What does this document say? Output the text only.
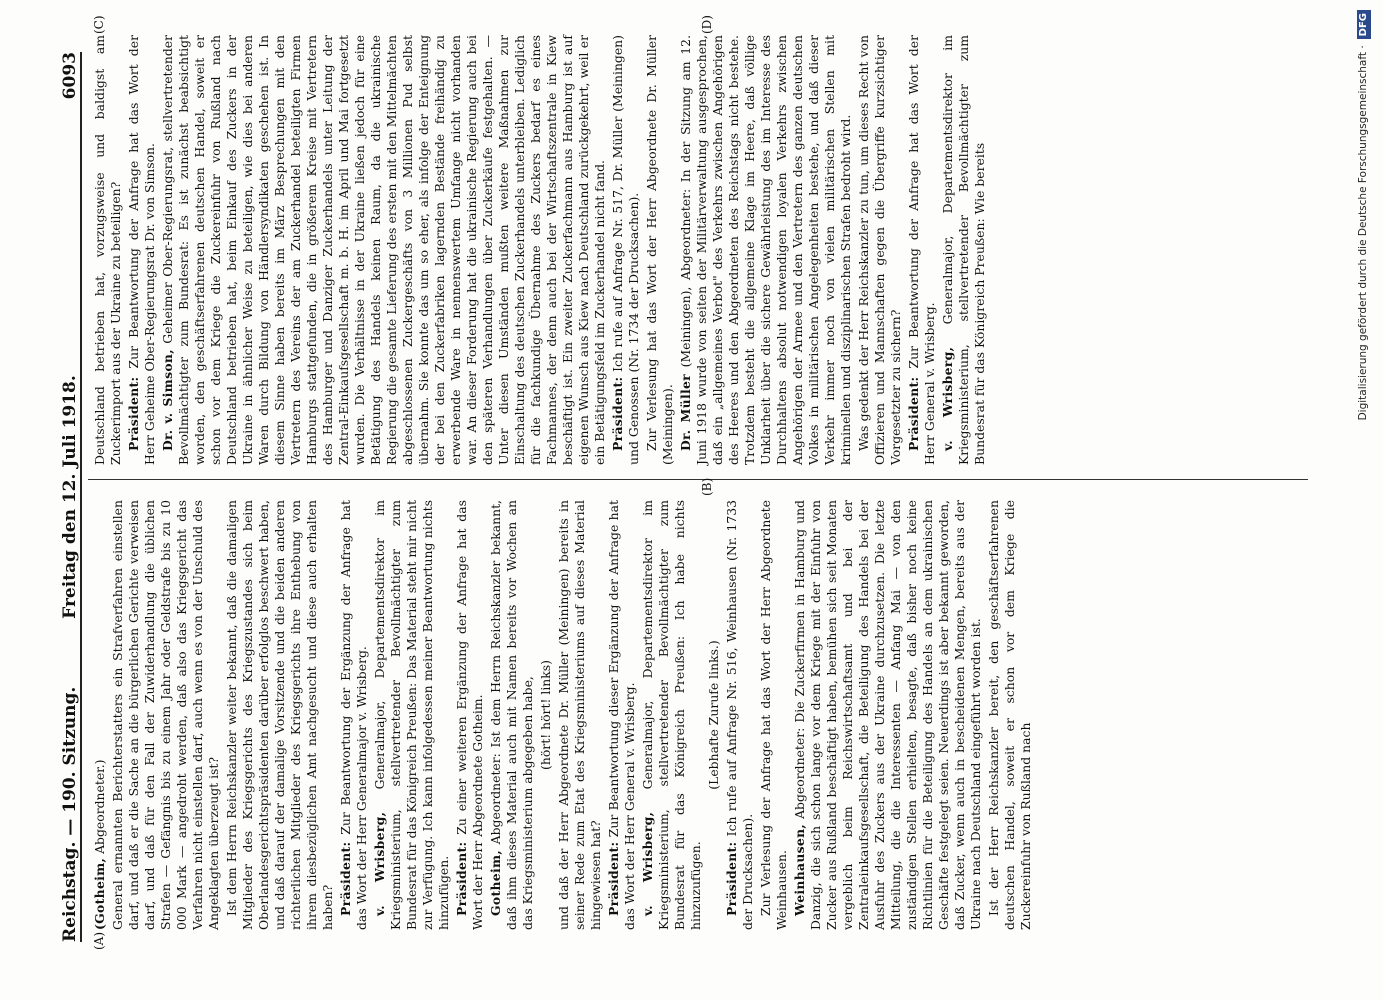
Reichstag. — 190. Sitzung.
Freitag den 12. Juli 1918.
6093
(A)
(B)
(C)	(D)

(Gotheim, Abgeordneter.) General ernannten Berichterstatters ein Strafverfahren einstellen darf, und daß er die Sache an die bürgerlichen Gerichte verweisen darf, und daß für den Fall der Zuwiderhandlung die üblichen Strafen — Gefängnis bis zu einem Jahr oder Geldstrafe bis zu 10 000 Mark — angedroht werden, daß also das Kriegsgericht das Verfahren nicht einstellen darf, auch wenn es von der Unschuld des Angeklagten überzeugt ist? Ist dem Herrn Reichskanzler weiter bekannt, daß die damaligen Mitglieder des Kriegsgerichts des Kriegszustandes sich beim Oberlandesgerichtspräsidenten darüber erfolglos beschwert haben, und daß darauf der damalige Vorsitzende und die beiden anderen richterlichen Mitglieder des Kriegsgerichts ihre Enthebung von ihrem diesbezüglichen Amt nachgesucht und diese auch erhalten haben? Präsident: Zur Beantwortung der Ergänzung der Anfrage hat das Wort der Herr Generalmajor v. Wrisberg. v. Wrisberg, Generalmajor, Departementsdirektor im Kriegsministerium, stellvertretender Bevollmächtigter zum Bundesrat für das Königreich Preußen: Das Material steht mir nicht zur Verfügung. Ich kann infolgedessen meiner Beantwortung nichts hinzufügen. Präsident: Zu einer weiteren Ergänzung der Anfrage hat das Wort der Herr Abgeordnete Gotheim. Gotheim, Abgeordneter: Ist dem Herrn Reichskanzler bekannt, daß ihm dieses Material auch mit Namen bereits vor Wochen an das Kriegsministerium abgegeben habe, (hört! hört! links) und daß der Herr Abgeordnete Dr. Müller (Meiningen) bereits in seiner Rede zum Etat des Kriegsministeriums auf dieses Material hingewiesen hat? Präsident: Zur Beantwortung dieser Ergänzung der Anfrage hat das Wort der Herr General v. Wrisberg. v. Wrisberg, Generalmajor, Departementsdirektor im Kriegsministerium, stellvertretender Bevollmächtigter zum Bundesrat für das Königreich Preußen: Ich habe nichts hinzuzufügen.

(Lebhafte Zurufe links.)

Präsident: Ich rufe auf Anfrage Nr. 516, Weinhausen (Nr. 1733 der Drucksachen). Zur Verlesung der Anfrage hat das Wort der Herr Abgeordnete Weinhausen. Weinhausen, Abgeordneter: Die Zuckerfirmen in Hamburg und Danzig, die sich schon lange vor dem Kriege mit der Einfuhr von Zucker aus Rußland beschäftigt haben, bemühen sich seit Monaten vergeblich beim Reichswirtschaftsamt und bei der Zentraleinkaufsgesellschaft, die Beteiligung des Handels bei der Ausfuhr des Zuckers aus der Ukraine durchzusetzen. Die letzte Mitteilung, die die Interessenten — Anfang Mai — von den zuständigen Stellen erhielten, besagte, daß bisher noch keine Richtlinien für die Beteiligung des Handels an dem ukrainischen Geschäfte festgelegt seien. Neuerdings ist aber bekannt geworden, daß Zucker, wenn auch in bescheidenen Mengen, bereits aus der Ukraine nach Deutschland eingeführt worden ist. Ist der Herr Reichskanzler bereit, den geschäftserfahrenen deutschen Handel, soweit er schon vor dem Kriege die Zuckereinfuhr von Rußland nach

Deutschland betrieben hat, vorzugsweise und baldigst am Zuckerimport aus der Ukraine zu beteiligen? Präsident: Zur Beantwortung der Anfrage hat das Wort der Herr Geheime Ober-Regierungsrat Dr. von Simson. Dr. v. Simson, Geheimer Ober-Regierungsrat, stellvertretender Bevollmächtigter zum Bundesrat: Es ist zunächst beabsichtigt worden, den geschäftserfahrenen deutschen Handel, soweit er schon vor dem Kriege die Zuckereinfuhr von Rußland nach Deutschland betrieben hat, beim Einkauf des Zuckers in der Ukraine in ähnlicher Weise zu beteiligen, wie dies bei anderen Waren durch Bildung von Händlersyndikaten geschehen ist. In diesem Sinne haben bereits im März Besprechungen mit den Vertretern des Vereins der am Zuckerhandel beteiligten Firmen Hamburgs stattgefunden, die in größerem Kreise mit Vertretern des Hamburger und Danziger Zuckerhandels unter Leitung der Zentral-Einkaufsgesellschaft m. b. H. im April und Mai fortgesetzt wurden. Die Verhältnisse in der Ukraine ließen jedoch für eine Betätigung des Handels keinen Raum, da die ukrainische Regierung die gesamte Lieferung des ersten mit den Mittelmächten abgeschlossenen Zuckergeschäfts von 3 Millionen Pud selbst übernahm. Sie konnte das um so eher, als infolge der Enteignung der bei den Zuckerfabriken lagernden Bestände freihändig zu erwerbende Ware in nennenswertem Umfange nicht vorhanden war. An dieser Forderung hat die ukrainische Regierung auch bei den späteren Verhandlungen über Zuckerkäufe festgehalten. — Unter diesen Umständen mußten weitere Maßnahmen zur Einschaltung des deutschen Zuckerhandels unterbleiben. Lediglich für die fachkundige Übernahme des Zuckers bedarf es eines Fachmannes, der denn auch bei der Wirtschaftszentrale in Kiew beschäftigt ist. Ein zweiter Zuckerfachmann aus Hamburg ist auf eigenen Wunsch aus Kiew nach Deutschland zurückgekehrt, weil er ein Betätigungsfeld im Zuckerhandel nicht fand. Präsident: Ich rufe auf Anfrage Nr. 517, Dr. Müller (Meiningen) und Genossen (Nr. 1734 der Drucksachen). Zur Verlesung hat das Wort der Herr Abgeordnete Dr. Müller (Meiningen). Dr. Müller (Meiningen), Abgeordneter: In der Sitzung am 12. Juni 1918 wurde von seiten der Militärverwaltung ausgesprochen, daß ein „allgemeines Verbot" des Verkehrs zwischen Angehörigen des Heeres und den Abgeordneten des Reichstags nicht bestehe. Trotzdem besteht die allgemeine Klage im Heere, daß völlige Unklarheit über die sichere Gewährleistung des im Interesse des Durchhaltens absolut notwendigen loyalen Verkehrs zwischen Angehörigen der Armee und den Vertretern des ganzen deutschen Volkes in militärischen Angelegenheiten bestehe, und daß dieser Verkehr immer noch von vielen militärischen Stellen mit kriminellen und disziplinarischen Strafen bedroht wird. Was gedenkt der Herr Reichskanzler zu tun, um dieses Recht von Offizieren und Mannschaften gegen die Übergriffe kurzsichtiger Vorgesetzter zu sichern? Präsident: Zur Beantwortung der Anfrage hat das Wort der Herr General v. Wrisberg. v. Wrisberg, Generalmajor, Departementsdirektor im Kriegsministerium, stellvertretender Bevollmächtigter zum Bundesrat für das Königreich Preußen: Wie bereits	Digitalisierung gefördert durch die Deutsche Forschungsgemeinschaft ·DFG
